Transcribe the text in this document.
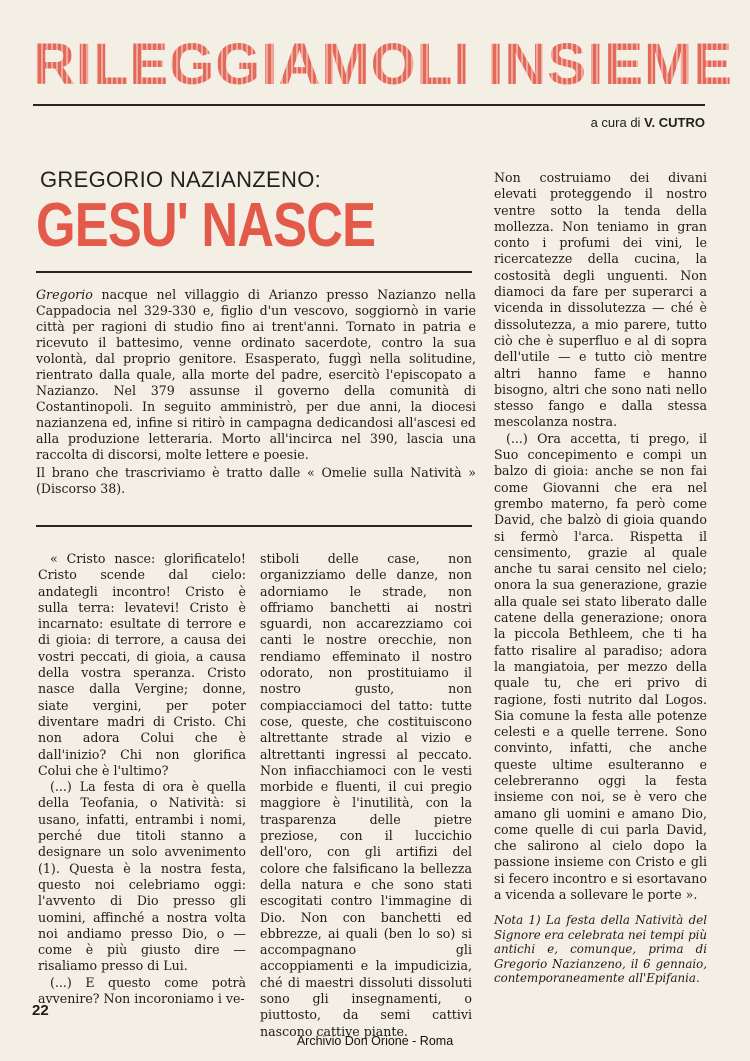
RILEGGIAMOLI INSIEME
a cura di V. CUTRO
GREGORIO NAZIANZENO:
GESU' NASCE

Gregorio nacque nel villaggio di Arianzo presso Nazianzo nella Cappadocia nel 329-330 e, figlio d'un vescovo, soggiornò in varie città per ragioni di studio fino ai trent'anni. Tornato in patria e ricevuto il battesimo, venne ordinato sacerdote, contro la sua volontà, dal proprio genitore. Esasperato, fuggì nella solitudine, rientrato dalla quale, alla morte del padre, esercitò l'episcopato a Nazianzo. Nel 379 assunse il governo della comunità di Costantinopoli. In seguito amministrò, per due anni, la diocesi nazianzena ed, infine si ritirò in campagna dedicandosi all'ascesi ed alla produzione letteraria. Morto all'incirca nel 390, lascia una raccolta di discorsi, molte lettere e poesie.

Il brano che trascriviamo è tratto dalle « Omelie sulla Natività » (Discorso 38).

« Cristo nasce: glorificatelo! Cristo scende dal cielo: andategli incontro! Cristo è sulla terra: levatevi! Cristo è incarnato: esultate di terrore e di gioia: di terrore, a causa dei vostri peccati, di gioia, a causa della vostra speranza. Cristo nasce dalla Vergine; donne, siate vergini, per poter diventare madri di Cristo. Chi non adora Colui che è dall'inizio? Chi non glorifica Colui che è l'ultimo?

(...) La festa di ora è quella della Teofania, o Natività: si usano, infatti, entrambi i nomi, perché due titoli stanno a designare un solo avvenimento (1). Questa è la nostra festa, questo noi celebriamo oggi: l'avvento di Dio presso gli uomini, affinché a nostra volta noi andiamo presso Dio, o — come è più giusto dire — risaliamo presso di Lui.

(...) E questo come potrà avvenire? Non incoroniamo i ve-

stiboli delle case, non organizziamo delle danze, non adorniamo le strade, non offriamo banchetti ai nostri sguardi, non accarezziamo coi canti le nostre orecchie, non rendiamo effeminato il nostro odorato, non prostituiamo il nostro gusto, non compiacciamoci del tatto: tutte cose, queste, che costituiscono altrettante strade al vizio e altrettanti ingressi al peccato. Non infiacchiamoci con le vesti morbide e fluenti, il cui pregio maggiore è l'inutilità, con la trasparenza delle pietre preziose, con il luccichio dell'oro, con gli artifizi del colore che falsificano la bellezza della natura e che sono stati escogitati contro l'immagine di Dio. Non con banchetti ed ebbrezze, ai quali (ben lo so) si accompagnano gli accoppiamenti e la impudicizia, ché di maestri dissoluti dissoluti sono gli insegnamenti, o piuttosto, da semi cattivi nascono cattive piante.

Non costruiamo dei divani elevati proteggendo il nostro ventre sotto la tenda della mollezza. Non teniamo in gran conto i profumi dei vini, le ricercatezze della cucina, la costosità degli unguenti. Non diamoci da fare per superarci a vicenda in dissolutezza — ché è dissolutezza, a mio parere, tutto ciò che è superfluo e al di sopra dell'utile — e tutto ciò mentre altri hanno fame e hanno bisogno, altri che sono nati nello stesso fango e dalla stessa mescolanza nostra.

(...) Ora accetta, ti prego, il Suo concepimento e compi un balzo di gioia: anche se non fai come Giovanni che era nel grembo materno, fa però come David, che balzò di gioia quando si fermò l'arca. Rispetta il censimento, grazie al quale anche tu sarai censito nel cielo; onora la sua generazione, grazie alla quale sei stato liberato dalle catene della generazione; onora la piccola Bethleem, che ti ha fatto risalire al paradiso; adora la mangiatoia, per mezzo della quale tu, che eri privo di ragione, fosti nutrito dal Logos. Sia comune la festa alle potenze celesti e a quelle terrene. Sono convinto, infatti, che anche queste ultime esulteranno e celebreranno oggi la festa insieme con noi, se è vero che amano gli uomini e amano Dio, come quelle di cui parla David, che salirono al cielo dopo la passione insieme con Cristo e gli si fecero incontro e si esortavano a vicenda a sollevare le porte ».

Nota 1) La festa della Natività del Signore era celebrata nei tempi più antichi e, comunque, prima di Gregorio Nazianzeno, il 6 gennaio, contemporaneamente all'Epifania.

22
Archivio Don Orione - Roma
